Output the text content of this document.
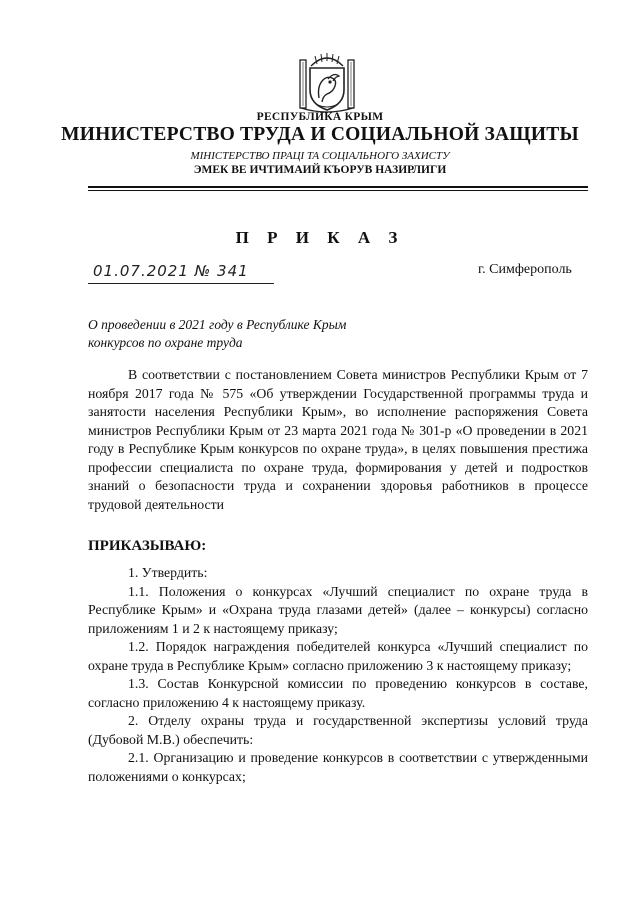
РЕСПУБЛИКА КРЫМ
МИНИСТЕРСТВО ТРУДА И СОЦИАЛЬНОЙ ЗАЩИТЫ
МІНІСТЕРСТВО ПРАЦІ ТА СОЦІАЛЬНОГО ЗАХИСТУ
ЭМЕК ВЕ ИЧТИМАИЙ КЪОРУВ НАЗИРЛИГИ
П Р И К А З
01.07.2021 № 341	г. Симферополь
О проведении в 2021 году в Республике Крым
конкурсов по охране труда

В соответствии с постановлением Совета министров Республики Крым от 7 ноября 2017 года № 575 «Об утверждении Государственной программы труда и занятости населения Республики Крым», во исполнение распоряжения Совета министров Республики Крым от 23 марта 2021 года № 301-р «О проведении в 2021 году в Республике Крым конкурсов по охране труда», в целях повышения престижа профессии специалиста по охране труда, формирования у детей и подростков знаний о безопасности труда и сохранении здоровья работников в процессе трудовой деятельности

ПРИКАЗЫВАЮ:

1. Утвердить:

1.1. Положения о конкурсах «Лучший специалист по охране труда в Республике Крым» и «Охрана труда глазами детей» (далее – конкурсы) согласно приложениям 1 и 2 к настоящему приказу;

1.2. Порядок награждения победителей конкурса «Лучший специалист по охране труда в Республике Крым» согласно приложению 3 к настоящему приказу;

1.3. Состав Конкурсной комиссии по проведению конкурсов в составе, согласно приложению 4 к настоящему приказу.

2. Отделу охраны труда и государственной экспертизы условий труда (Дубовой М.В.) обеспечить:

2.1. Организацию и проведение конкурсов в соответствии с утвержденными положениями о конкурсах;
